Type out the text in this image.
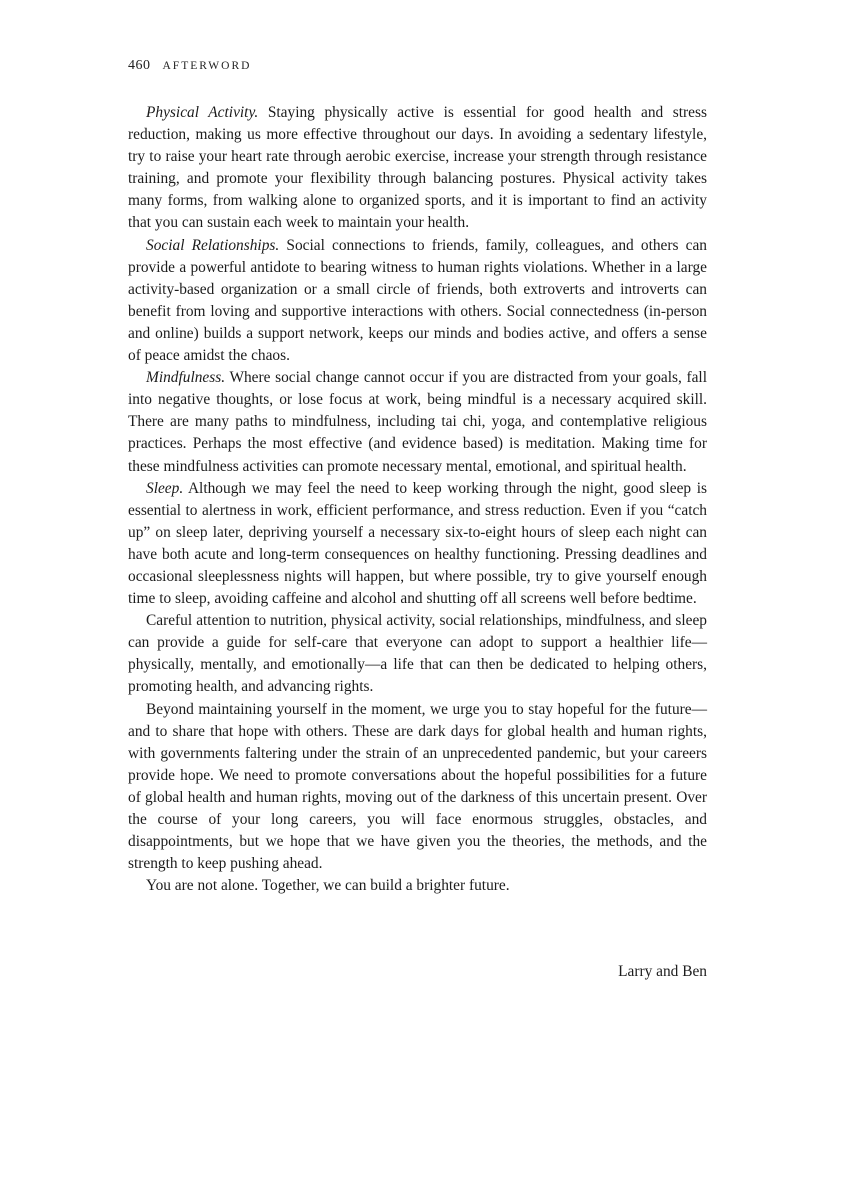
460 AFTERWORD

Physical Activity. Staying physically active is essential for good health and stress reduction, making us more effective throughout our days. In avoiding a sedentary lifestyle, try to raise your heart rate through aerobic exercise, increase your strength through resistance training, and promote your flexibility through balancing postures. Physical activity takes many forms, from walking alone to organized sports, and it is important to find an activity that you can sustain each week to maintain your health.

Social Relationships. Social connections to friends, family, colleagues, and others can provide a powerful antidote to bearing witness to human rights violations. Whether in a large activity-based organization or a small circle of friends, both extroverts and introverts can benefit from loving and supportive interactions with others. Social connectedness (in-person and online) builds a support network, keeps our minds and bodies active, and offers a sense of peace amidst the chaos.

Mindfulness. Where social change cannot occur if you are distracted from your goals, fall into negative thoughts, or lose focus at work, being mindful is a necessary acquired skill. There are many paths to mindfulness, including tai chi, yoga, and contemplative religious practices. Perhaps the most effective (and evidence based) is meditation. Making time for these mindfulness activities can promote necessary mental, emotional, and spiritual health.

Sleep. Although we may feel the need to keep working through the night, good sleep is essential to alertness in work, efficient performance, and stress reduction. Even if you “catch up” on sleep later, depriving yourself a necessary six-to-eight hours of sleep each night can have both acute and long-term consequences on healthy functioning. Pressing deadlines and occasional sleeplessness nights will happen, but where possible, try to give yourself enough time to sleep, avoiding caffeine and alcohol and shutting off all screens well before bedtime.

Careful attention to nutrition, physical activity, social relationships, mindfulness, and sleep can provide a guide for self-care that everyone can adopt to support a healthier life—physically, mentally, and emotionally—a life that can then be dedicated to helping others, promoting health, and advancing rights.

Beyond maintaining yourself in the moment, we urge you to stay hopeful for the future—and to share that hope with others. These are dark days for global health and human rights, with governments faltering under the strain of an unprecedented pandemic, but your careers provide hope. We need to promote conversations about the hopeful possibilities for a future of global health and human rights, moving out of the darkness of this uncertain present. Over the course of your long careers, you will face enormous struggles, obstacles, and disappointments, but we hope that we have given you the theories, the methods, and the strength to keep pushing ahead.

You are not alone. Together, we can build a brighter future.

Larry and Ben
